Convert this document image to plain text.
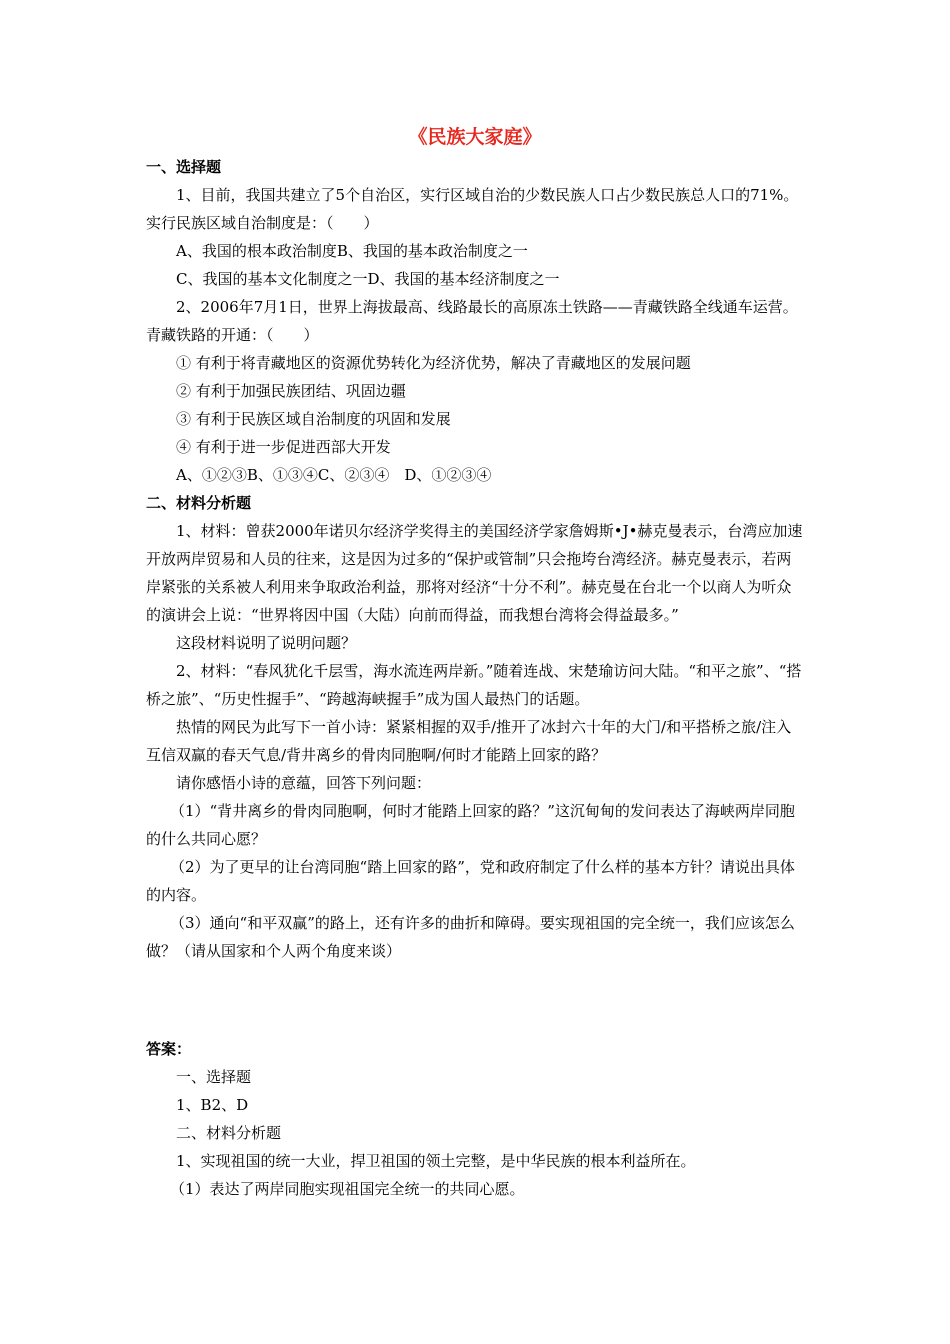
《民族大家庭》

一、选择题

1、目前，我国共建立了5个自治区，实行区域自治的少数民族人口占少数民族总人口的71%。实行民族区域自治制度是：（　　）

A、我国的根本政治制度B、我国的基本政治制度之一

C、我国的基本文化制度之一D、我国的基本经济制度之一

2、2006年7月1日，世界上海拔最高、线路最长的高原冻土铁路——青藏铁路全线通车运营。青藏铁路的开通：（　　）

① 有利于将青藏地区的资源优势转化为经济优势，解决了青藏地区的发展问题

② 有利于加强民族团结、巩固边疆

③ 有利于民族区域自治制度的巩固和发展

④ 有利于进一步促进西部大开发

A、①②③B、①③④C、②③④　D、①②③④

二、材料分析题

1、材料：曾获2000年诺贝尔经济学奖得主的美国经济学家詹姆斯•J•赫克曼表示，台湾应加速开放两岸贸易和人员的往来，这是因为过多的“保护或管制”只会拖垮台湾经济。赫克曼表示，若两岸紧张的关系被人利用来争取政治利益，那将对经济“十分不利”。赫克曼在台北一个以商人为听众的演讲会上说：“世界将因中国（大陆）向前而得益，而我想台湾将会得益最多。”

这段材料说明了说明问题？

2、材料：“春风犹化千层雪，海水流连两岸新。”随着连战、宋楚瑜访问大陆。“和平之旅”、“搭桥之旅”、“历史性握手”、“跨越海峡握手”成为国人最热门的话题。

热情的网民为此写下一首小诗：紧紧相握的双手/推开了冰封六十年的大门/和平搭桥之旅/注入互信双赢的春天气息/背井离乡的骨肉同胞啊/何时才能踏上回家的路？

请你感悟小诗的意蕴，回答下列问题：

（1）“背井离乡的骨肉同胞啊，何时才能踏上回家的路？”这沉甸甸的发问表达了海峡两岸同胞的什么共同心愿？

（2）为了更早的让台湾同胞“踏上回家的路”，党和政府制定了什么样的基本方针？请说出具体的内容。

（3）通向“和平双赢”的路上，还有许多的曲折和障碍。要实现祖国的完全统一，我们应该怎么做？（请从国家和个人两个角度来谈）

答案：

一、选择题

1、B2、D

二、材料分析题

1、实现祖国的统一大业，捍卫祖国的领土完整，是中华民族的根本利益所在。

（1）表达了两岸同胞实现祖国完全统一的共同心愿。
